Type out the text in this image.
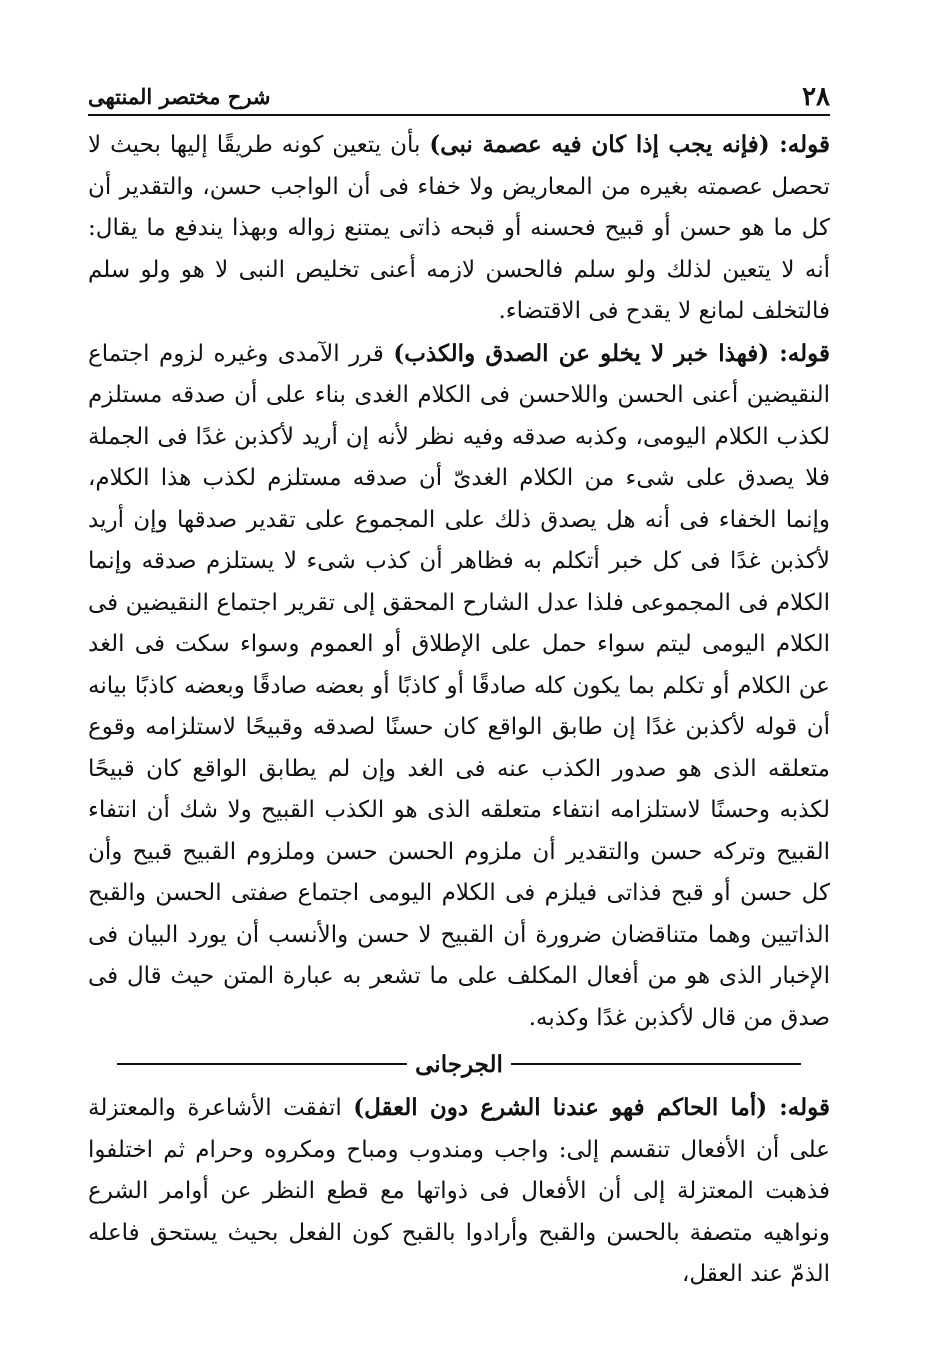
٢٨
شرح مختصر المنتهى

قوله: (فإنه يجب إذا كان فيه عصمة نبى) بأن يتعين كونه طريقًا إليها بحيث لا تحصل عصمته بغيره من المعاريض ولا خفاء فى أن الواجب حسن، والتقدير أن كل ما هو حسن أو قبيح فحسنه أو قبحه ذاتى يمتنع زواله وبهذا يندفع ما يقال: أنه لا يتعين لذلك ولو سلم فالحسن لازمه أعنى تخليص النبى لا هو ولو سلم فالتخلف لمانع لا يقدح فى الاقتضاء.

قوله: (فهذا خبر لا يخلو عن الصدق والكذب) قرر الآمدى وغيره لزوم اجتماع النقيضين أعنى الحسن واللاحسن فى الكلام الغدى بناء على أن صدقه مستلزم لكذب الكلام اليومى، وكذبه صدقه وفيه نظر لأنه إن أريد لأكذبن غدًا فى الجملة فلا يصدق على شىء من الكلام الغدىّ أن صدقه مستلزم لكذب هذا الكلام، وإنما الخفاء فى أنه هل يصدق ذلك على المجموع على تقدير صدقها وإن أريد لأكذبن غدًا فى كل خبر أتكلم به فظاهر أن كذب شىء لا يستلزم صدقه وإنما الكلام فى المجموعى فلذا عدل الشارح المحقق إلى تقرير اجتماع النقيضين فى الكلام اليومى ليتم سواء حمل على الإطلاق أو العموم وسواء سكت فى الغد عن الكلام أو تكلم بما يكون كله صادقًا أو كاذبًا أو بعضه صادقًا وبعضه كاذبًا بيانه أن قوله لأكذبن غدًا إن طابق الواقع كان حسنًا لصدقه وقبيحًا لاستلزامه وقوع متعلقه الذى هو صدور الكذب عنه فى الغد وإن لم يطابق الواقع كان قبيحًا لكذبه وحسنًا لاستلزامه انتفاء متعلقه الذى هو الكذب القبيح ولا شك أن انتفاء القبيح وتركه حسن والتقدير أن ملزوم الحسن حسن وملزوم القبيح قبيح وأن كل حسن أو قبح فذاتى فيلزم فى الكلام اليومى اجتماع صفتى الحسن والقبح الذاتيين وهما متناقضان ضرورة أن القبيح لا حسن والأنسب أن يورد البيان فى الإخبار الذى هو من أفعال المكلف على ما تشعر به عبارة المتن حيث قال فى صدق من قال لأكذبن غدًا وكذبه.

الجرجانى

قوله: (أما الحاكم فهو عندنا الشرع دون العقل) اتفقت الأشاعرة والمعتزلة على أن الأفعال تنقسم إلى: واجب ومندوب ومباح ومكروه وحرام ثم اختلفوا فذهبت المعتزلة إلى أن الأفعال فى ذواتها مع قطع النظر عن أوامر الشرع ونواهيه متصفة بالحسن والقبح وأرادوا بالقبح كون الفعل بحيث يستحق فاعله الذمّ عند العقل،
